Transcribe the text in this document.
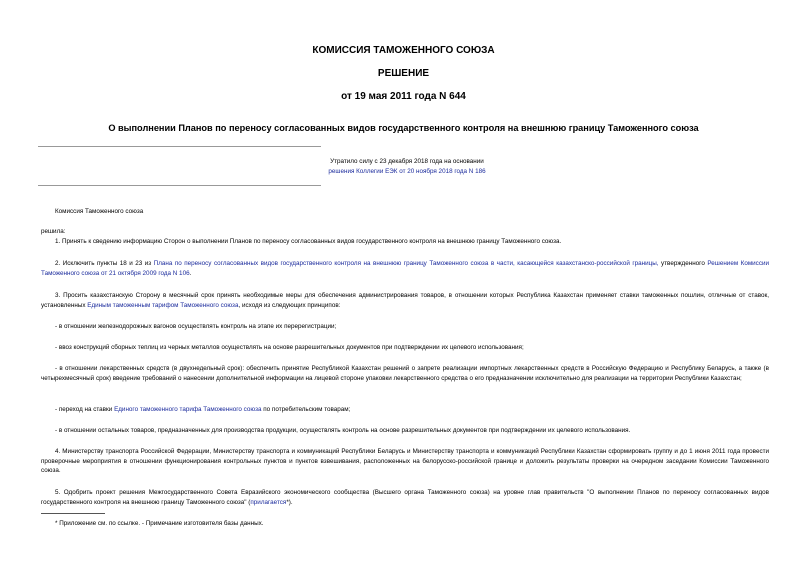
КОМИССИЯ ТАМОЖЕННОГО СОЮЗА
РЕШЕНИЕ
от 19 мая 2011 года N 644
О выполнении Планов по переносу согласованных видов государственного контроля на внешнюю границу Таможенного союза
Утратило силу с 23 декабря 2018 года на основании
решения Коллегии ЕЭК от 20 ноября 2018 года N 186
Комиссия Таможенного союза
решила:
1. Принять к сведению информацию Сторон о выполнении Планов по переносу согласованных видов государственного контроля на внешнюю границу Таможенного союза.
2. Исключить пункты 18 и 23 из Плана по переносу согласованных видов государственного контроля на внешнюю границу Таможенного союза в части, касающейся казахстанско-российской границы, утвержденного Решением Комиссии Таможенного союза от 21 октября 2009 года N 106.
3. Просить казахстанскую Сторону в месячный срок принять необходимые меры для обеспечения администрирования товаров, в отношении которых Республика Казахстан применяет ставки таможенных пошлин, отличные от ставок, установленных Единым таможенным тарифом Таможенного союза, исходя из следующих принципов:
- в отношении железнодорожных вагонов осуществлять контроль на этапе их перерегистрации;
- ввоз конструкций сборных теплиц из черных металлов осуществлять на основе разрешительных документов при подтверждении их целевого использования;
- в отношении лекарственных средств (в двухнедельный срок): обеспечить принятие Республикой Казахстан решений о запрете реализации импортных лекарственных средств в Российскую Федерацию и Республику Беларусь, а также (в четырехмесячный срок) введение требований о нанесении дополнительной информации на лицевой стороне упаковки лекарственного средства о его предназначении исключительно для реализации на территории Республики Казахстан;
- переход на ставки Единого таможенного тарифа Таможенного союза по потребительским товарам;
- в отношении остальных товаров, предназначенных для производства продукции, осуществлять контроль на основе разрешительных документов при подтверждении их целевого использования.
4. Министерству транспорта Российской Федерации, Министерству транспорта и коммуникаций Республики Беларусь и Министерству транспорта и коммуникаций Республики Казахстан сформировать группу и до 1 июня 2011 года провести проверочные мероприятия в отношении функционирования контрольных пунктов и пунктов взвешивания, расположенных на белорусско-российской границе и доложить результаты проверки на очередном заседании Комиссии Таможенного союза.
5. Одобрить проект решения Межгосударственного Совета Евразийского экономического сообщества (Высшего органа Таможенного союза) на уровне глав правительств "О выполнении Планов по переносу согласованных видов государственного контроля на внешнюю границу Таможенного союза" (прилагается*).
* Приложение см. по ссылке. - Примечание изготовителя базы данных.
